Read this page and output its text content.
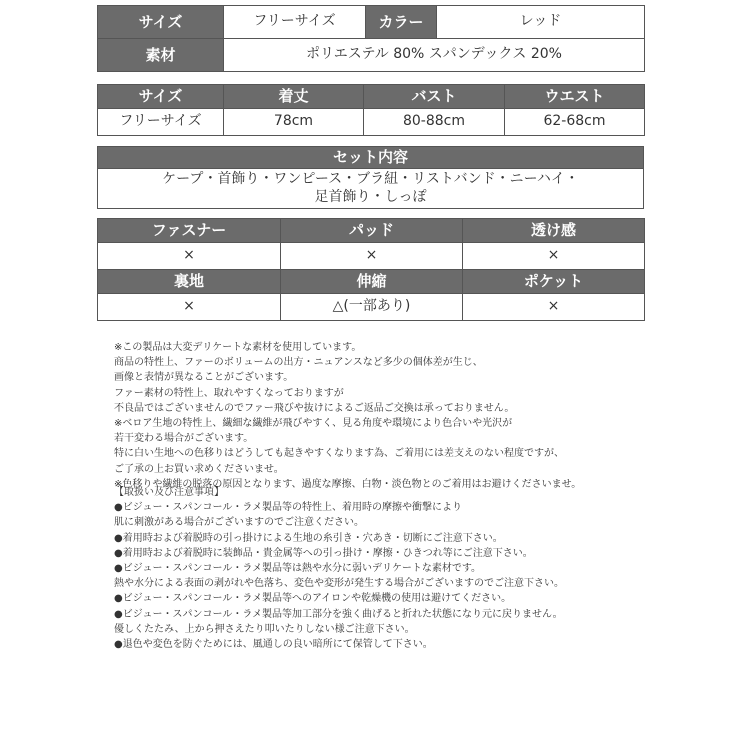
サイズ	フリーサイズ	カラー	レッド
素材	ポリエステル 80% スパンデックス 20%		
サイズ	着丈	バスト	ウエスト
フリーサイズ	78cm	80-88cm	62-68cm
セット内容

ケープ・首飾り・ワンピース・ブラ紐・リストバンド・ニーハイ・
足首飾り・しっぽ
ファスナー	パッド	透け感
×	×	×
裏地	伸縮	ポケット
×	△(一部あり)	×
※この製品は大変デリケートな素材を使用しています。
商品の特性上、ファーのボリュームの出方・ニュアンスなど多少の個体差が生じ、
画像と表情が異なることがございます。
ファー素材の特性上、取れやすくなっておりますが
不良品ではございませんのでファー飛びや抜けによるご返品ご交換は承っておりません。
※ベロア生地の特性上、繊細な繊維が飛びやすく、見る角度や環境により色合いや光沢が
若干変わる場合がございます。
特に白い生地への色移りはどうしても起きやすくなります為、ご着用には差支えのない程度ですが、
ご了承の上お買い求めくださいませ。
※色移りや繊維の脱落の原因となります、過度な摩擦、白物・淡色物とのご着用はお避けくださいませ。
【取扱い及び注意事項】
●ビジュー・スパンコール・ラメ製品等の特性上、着用時の摩擦や衝撃により
肌に刺激がある場合がございますのでご注意ください。
●着用時および着脱時の引っ掛けによる生地の糸引き・穴あき・切断にご注意下さい。
●着用時および着脱時に装飾品・貴金属等への引っ掛け・摩擦・ひきつれ等にご注意下さい。
●ビジュー・スパンコール・ラメ製品等は熱や水分に弱いデリケートな素材です。
熱や水分による表面の剥がれや色落ち、変色や変形が発生する場合がございますのでご注意下さい。
●ビジュー・スパンコール・ラメ製品等へのアイロンや乾燥機の使用は避けてください。
●ビジュー・スパンコール・ラメ製品等加工部分を強く曲げると折れた状態になり元に戻りません。
優しくたたみ、上から押さえたり叩いたりしない様ご注意下さい。
●退色や変色を防ぐためには、風通しの良い暗所にて保管して下さい。
